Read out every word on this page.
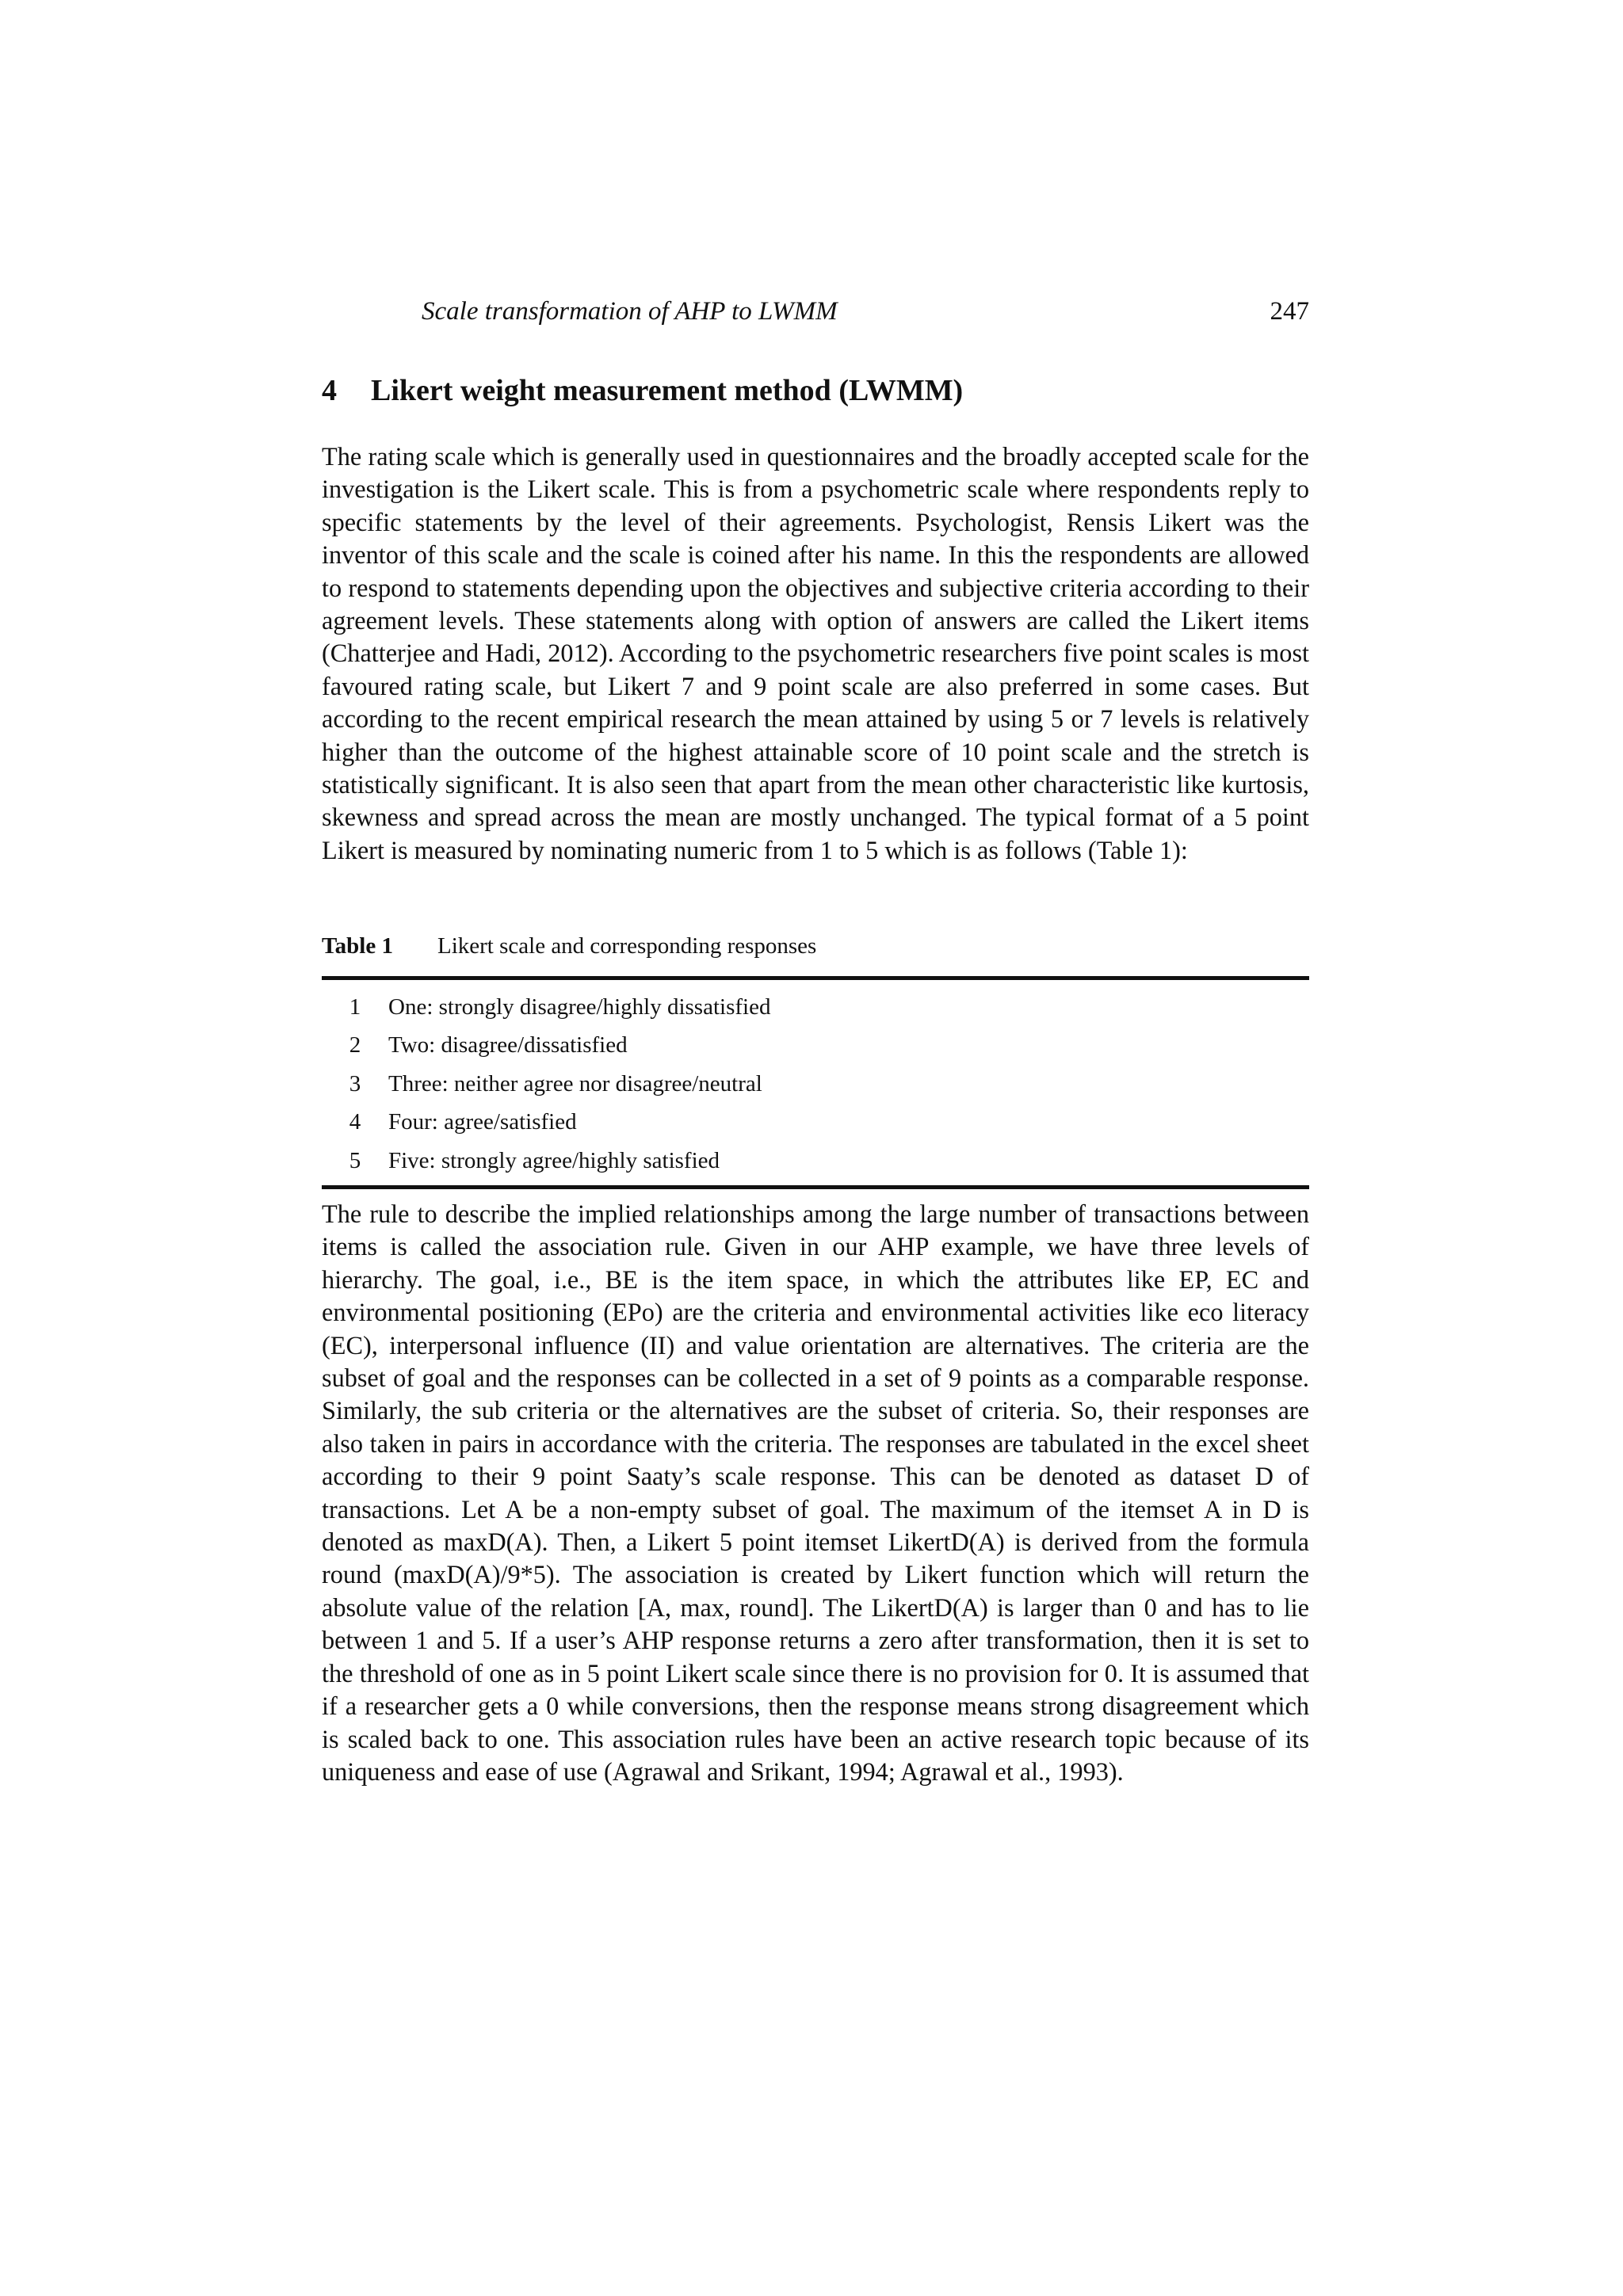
Scale transformation of AHP to LWMM	247
4 Likert weight measurement method (LWMM)

The rating scale which is generally used in questionnaires and the broadly accepted scale for the investigation is the Likert scale. This is from a psychometric scale where respondents reply to specific statements by the level of their agreements. Psychologist, Rensis Likert was the inventor of this scale and the scale is coined after his name. In this the respondents are allowed to respond to statements depending upon the objectives and subjective criteria according to their agreement levels. These statements along with option of answers are called the Likert items (Chatterjee and Hadi, 2012). According to the psychometric researchers five point scales is most favoured rating scale, but Likert 7 and 9 point scale are also preferred in some cases. But according to the recent empirical research the mean attained by using 5 or 7 levels is relatively higher than the outcome of the highest attainable score of 10 point scale and the stretch is statistically significant. It is also seen that apart from the mean other characteristic like kurtosis, skewness and spread across the mean are mostly unchanged. The typical format of a 5 point Likert is measured by nominating numeric from 1 to 5 which is as follows (Table 1):

Table 1 Likert scale and corresponding responses
1	One: strongly disagree/highly dissatisfied
2	Two: disagree/dissatisfied
3	Three: neither agree nor disagree/neutral
4	Four: agree/satisfied
5	Five: strongly agree/highly satisfied

The rule to describe the implied relationships among the large number of transactions between items is called the association rule. Given in our AHP example, we have three levels of hierarchy. The goal, i.e., BE is the item space, in which the attributes like EP, EC and environmental positioning (EPo) are the criteria and environmental activities like eco literacy (EC), interpersonal influence (II) and value orientation are alternatives. The criteria are the subset of goal and the responses can be collected in a set of 9 points as a comparable response. Similarly, the sub criteria or the alternatives are the subset of criteria. So, their responses are also taken in pairs in accordance with the criteria. The responses are tabulated in the excel sheet according to their 9 point Saaty’s scale response. This can be denoted as dataset D of transactions. Let A be a non-empty subset of goal. The maximum of the itemset A in D is denoted as maxD(A). Then, a Likert 5 point itemset LikertD(A) is derived from the formula round (maxD(A)/9*5). The association is created by Likert function which will return the absolute value of the relation [A, max, round]. The LikertD(A) is larger than 0 and has to lie between 1 and 5. If a user’s AHP response returns a zero after transformation, then it is set to the threshold of one as in 5 point Likert scale since there is no provision for 0. It is assumed that if a researcher gets a 0 while conversions, then the response means strong disagreement which is scaled back to one. This association rules have been an active research topic because of its uniqueness and ease of use (Agrawal and Srikant, 1994; Agrawal et al., 1993).
